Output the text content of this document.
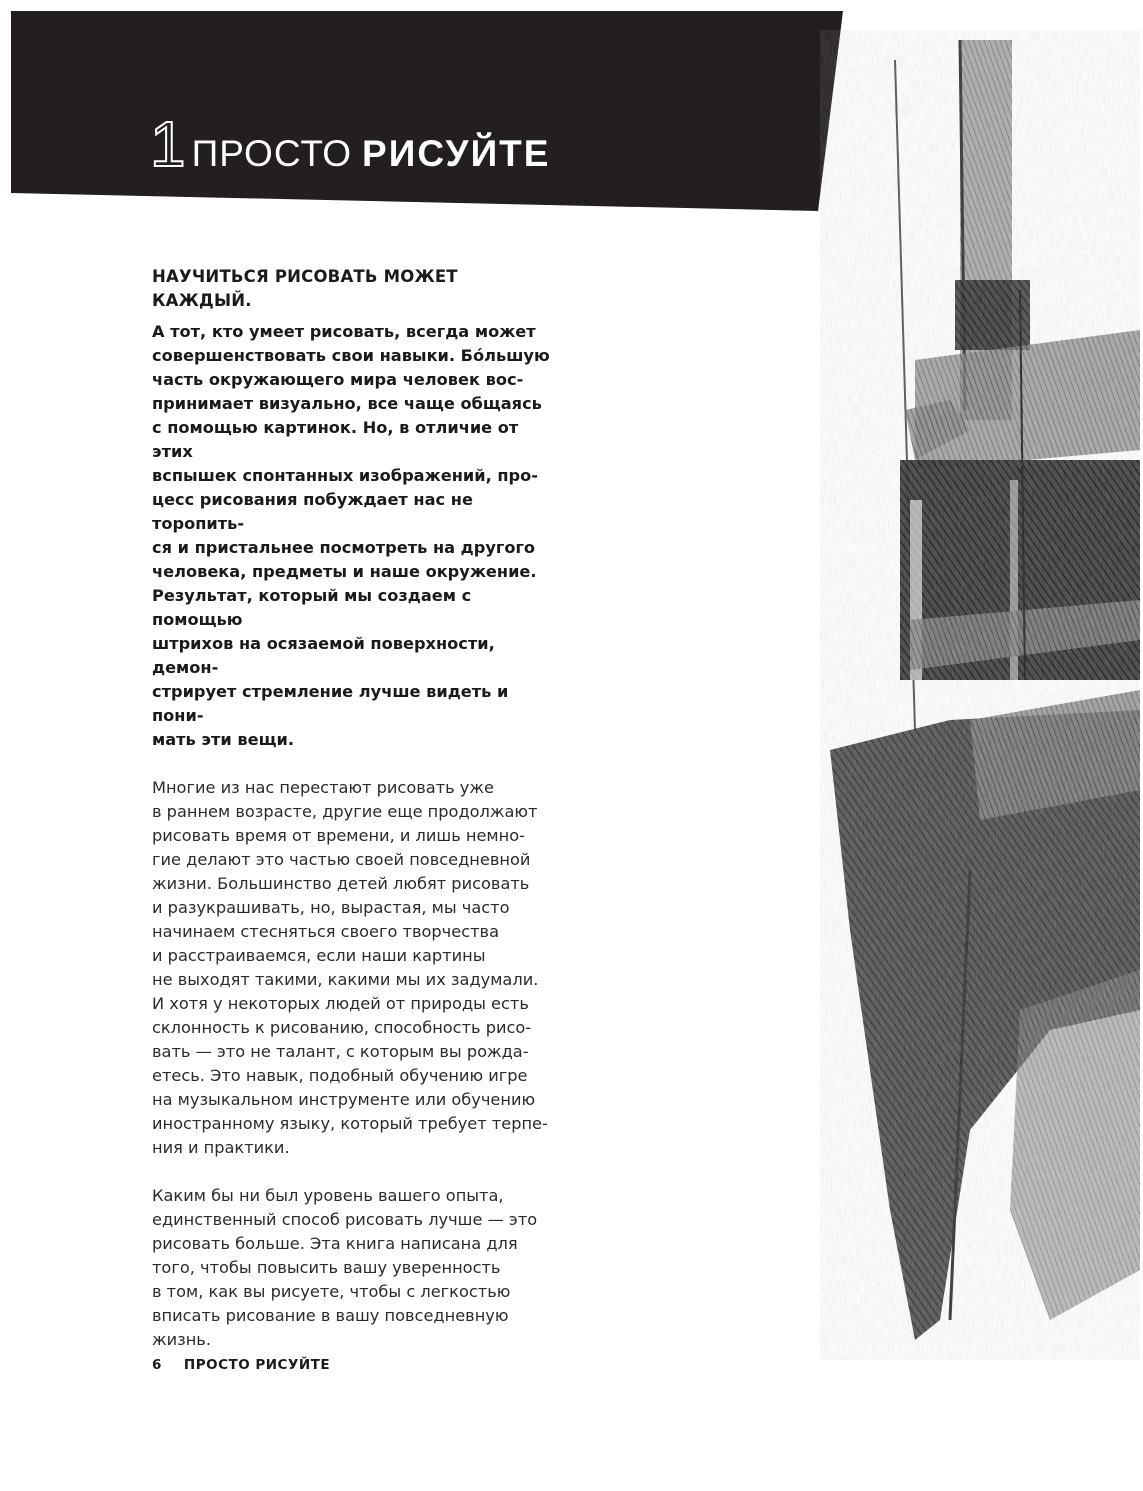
1 ПРОСТО РИСУЙТЕ

НАУЧИТЬСЯ РИСОВАТЬ МОЖЕТ КАЖДЫЙ.

А тот, кто умеет рисовать, всегда может
совершенствовать свои навыки. Бóльшую
часть окружающего мира человек вос-
принимает визуально, все чаще общаясь
с помощью картинок. Но, в отличие от этих
вспышек спонтанных изображений, про-
цесс рисования побуждает нас не торопить-
ся и пристальнее посмотреть на другого
человека, предметы и наше окружение.
Результат, который мы создаем с помощью
штрихов на осязаемой поверхности, демон-
стрирует стремление лучше видеть и пони-
мать эти вещи.

Многие из нас перестают рисовать уже
в раннем возрасте, другие еще продолжают
рисовать время от времени, и лишь немно-
гие делают это частью своей повседневной
жизни. Большинство детей любят рисовать
и разукрашивать, но, вырастая, мы часто
начинаем стесняться своего творчества
и расстраиваемся, если наши картины
не выходят такими, какими мы их задумали.
И хотя у некоторых людей от природы есть
склонность к рисованию, способность рисо-
вать — это не талант, с которым вы рожда-
етесь. Это навык, подобный обучению игре
на музыкальном инструменте или обучению
иностранному языку, который требует терпе-
ния и практики.

Каким бы ни был уровень вашего опыта,
единственный способ рисовать лучше — это
рисовать больше. Эта книга написана для
того, чтобы повысить вашу уверенность
в том, как вы рисуете, чтобы с легкостью
вписать рисование в вашу повседневную
жизнь.

6 ПРОСТО РИСУЙТЕ
